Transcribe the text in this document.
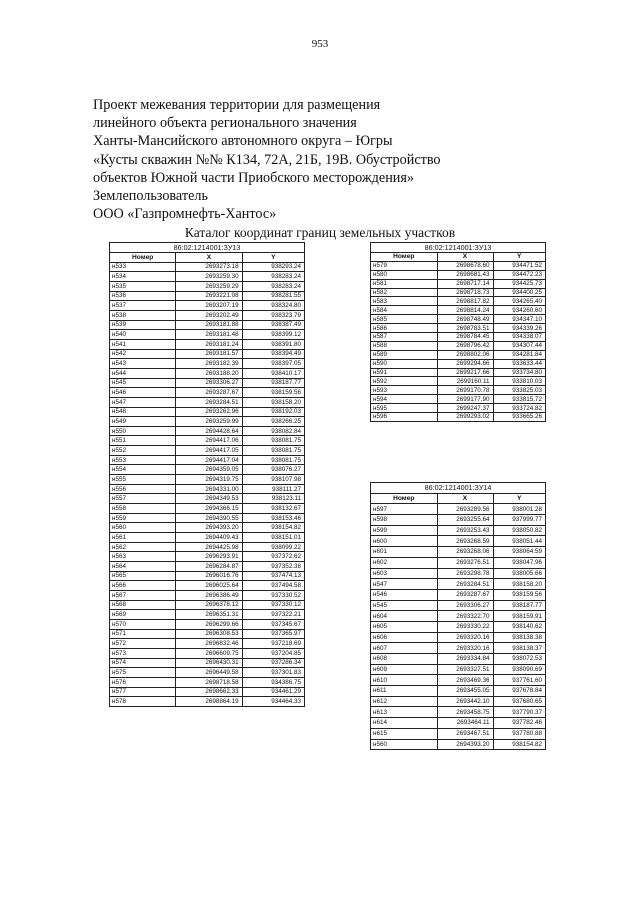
953
Проект межевания территории для размещения
линейного объекта регионального значения
Ханты-Мансийского автономного округа – Югры
«Кусты скважин №№ К134, 72А, 21Б, 19В. Обустройство
объектов Южной части Приобского месторождения»
Землепользователь
ООО «Газпромнефть-Хантос»
Каталог координат границ земельных участков
86:02:1214001:ЗУ13		
Номер	X	Y
н533	2693273.18	938293.24
н534	2693259.30	938283.24
н535	2693259.29	938283.24
н536	2693221.08	938281.55
н537	2693207.19	938324.80
н538	2693202.49	938323.79
н539	2693181.88	938387.49
н540	2693181.48	938399.12
н541	2693181.24	938391.80
н542	2693181.57	938394.49
н543	2693182.39	938397.05
н544	2693188.20	938410.17
н545	2693306.27	938187.77
н546	2693287.67	938159.56
н547	2693284.51	938158.20
н548	2693262.96	938192.03
н549	2693259.99	938266.25
н550	2694428.64	938082.84
н551	2694417.06	938081.75
н552	2694417.05	938081.75
н553	2694417.04	938081.75
н554	2694359.05	938076.27
н555	2694319.75	938107.98
н556	2694331.00	938111.27
н557	2694349.53	938123.11
н558	2694366.15	938132.67
н559	2694390.55	938153.46
н560	2694393.20	938154.82
н561	2694409.43	938151.01
н562	2694425.98	938099.22
н563	2696293.91	937372.62
н564	2696284.87	937352.38
н565	2696016.76	937474.13
н566	2696025.64	937494.58
н567	2696386.49	937330.52
н568	2696378.12	937330.12
н569	2696351.31	937322.21
н570	2696299.66	937345.67
н571	2696308.53	937365.97
н572	2696832.46	937218.69
н573	2696609.75	937204.85
н574	2696430.31	937286.34
н575	2696449.58	937301.83
н576	2698718.58	934386.75
н577	2698662.33	934461.29
н578	2698864.19	934464.33
86:02:1214001:ЗУ13		
Номер	X	Y
н579	2698678.60	934471.52
н580	2698681.43	934472.23
н581	2698717.14	934425.73
н582	2698718.73	934400.25
н583	2698817.82	934265.40
н584	2698814.24	934260.60
н585	2698748.49	934347.10
н586	2698783.51	934339.26
н587	2698784.45	934338.07
н588	2698796.42	934307.44
н589	2698802.06	934281.84
н590	2699294.66	933633.44
н591	2699217.66	933734.80
н592	2699160.11	933810.03
н593	2699170.78	933825.03
н594	2699177.90	933815.72
н595	2699247.37	933724.82
н596	2699293.02	933665.26
86:02:1214001:ЗУ14		
Номер	X	Y
н597	2693289.56	938001.28
н598	2693255.64	937999.77
н599	2693253.43	938050.82
н600	2693268.59	938051.44
н601	2693268.06	938064.59
н602	2693276.51	938047.96
н603	2693298.78	938005.66
н547	2693284.51	938158.20
н546	2693287.67	938159.56
н545	2693306.27	938187.77
н604	2693322.70	938159.91
н605	2693330.22	938140.62
н606	2693320.16	938138.38
н607	2693320.16	938138.37
н608	2693334.84	938072.53
н609	2693327.51	938090.69
н610	2693469.36	937761.60
н611	2693455.05	937678.84
н612	2693442.10	937680.65
н613	2693458.75	937790.37
н614	2693464.11	937782.46
н615	2693467.51	937780.88
н560	2694393.20	938154.82
